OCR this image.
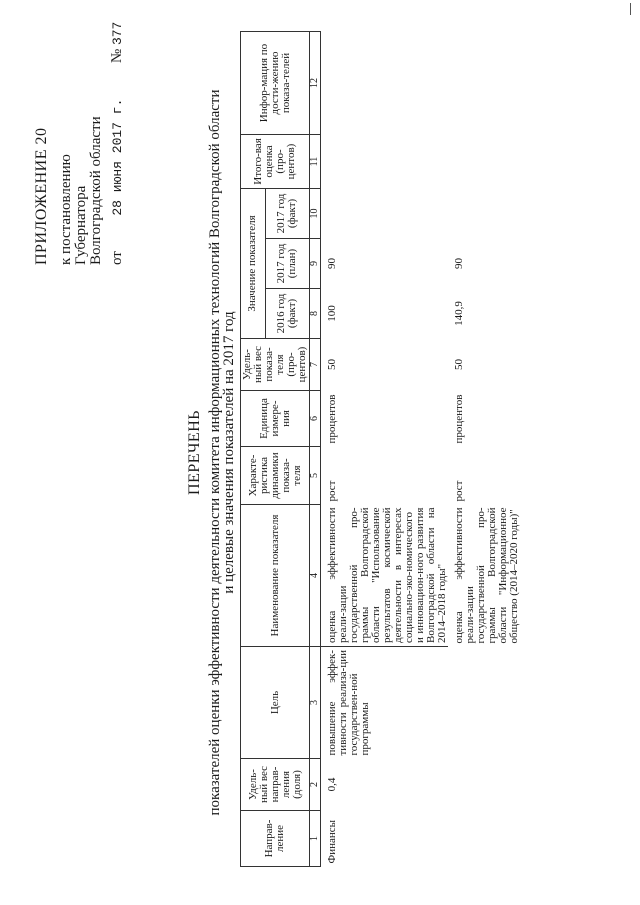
ПРИЛОЖЕНИЕ 20 к постановлению Губернатора Волгоградской области от  28 июня 2017 г.  № 377
ПЕРЕЧЕНЬ показателей оценки эффективности деятельности комитета информационных технологий Волгоградской области
и целевые значения показателей на 2017 год
Направ-ление	Удель-ный вес направ-ления (доля)	Цель	Наименование показателя	Характе-ристика динамики показа-теля	Единица измере-ния	Удель-ный вес показа-теля (про-центов)	Значение показателя			Итого-вая оценка (про-центов)	Инфор-мация по дости-жению показа-телей
							2016 год (факт)	2017 год (план)	2017 год (факт)		
1	2	3	4	5	6	7	8	9	10	11	12
Финансы	0,4	повышение эффек-тивности реализа-ции государствен-ной программы	оценка эффективности реали-зации государственной про-граммы Волгоградской области "Использование результатов космической деятельности в интересах социально-эко-номического и инновацион-ного развития Волгоградской области на 2014–2018 годы"	рост	процентов	50	100	90			
			оценка эффективности реали-зации государственной про-граммы Волгоградской области "Информационное общество (2014–2020 годы)"	рост	процентов	50	140,9	90			
